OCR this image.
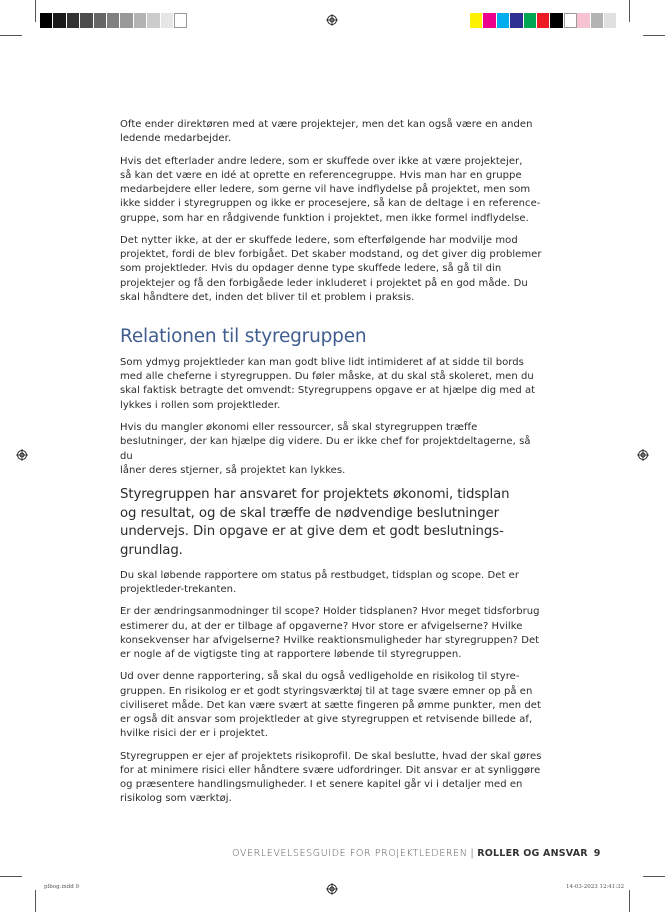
Ofte ender direktøren med at være projektejer, men det kan også være en anden
ledende medarbejder.

Hvis det efterlader andre ledere, som er skuffede over ikke at være projektejer,
så kan det være en idé at oprette en referencegruppe. Hvis man har en gruppe
medarbejdere eller ledere, som gerne vil have indflydelse på projektet, men som
ikke sidder i styregruppen og ikke er procesejere, så kan de deltage i en reference-
gruppe, som har en rådgivende funktion i projektet, men ikke formel indflydelse.

Det nytter ikke, at der er skuffede ledere, som efterfølgende har modvilje mod
projektet, fordi de blev forbigået. Det skaber modstand, og det giver dig problemer
som projektleder. Hvis du opdager denne type skuffede ledere, så gå til din
projektejer og få den forbigåede leder inkluderet i projektet på en god måde. Du
skal håndtere det, inden det bliver til et problem i praksis.

Relationen til styregruppen

Som ydmyg projektleder kan man godt blive lidt intimideret af at sidde til bords
med alle cheferne i styregruppen. Du føler måske, at du skal stå skoleret, men du
skal faktisk betragte det omvendt: Styregruppens opgave er at hjælpe dig med at
lykkes i rollen som projektleder.

Hvis du mangler økonomi eller ressourcer, så skal styregruppen træffe
beslutninger, der kan hjælpe dig videre. Du er ikke chef for projektdeltagerne, så du
låner deres stjerner, så projektet kan lykkes.

Styregruppen har ansvaret for projektets økonomi, tidsplan
og resultat, og de skal træffe de nødvendige beslutninger
undervejs. Din opgave er at give dem et godt beslutnings-
grundlag.

Du skal løbende rapportere om status på restbudget, tidsplan og scope. Det er
projektleder-trekanten.

Er der ændringsanmodninger til scope? Holder tidsplanen? Hvor meget tidsforbrug
estimerer du, at der er tilbage af opgaverne? Hvor store er afvigelserne? Hvilke
konsekvenser har afvigelserne? Hvilke reaktionsmuligheder har styregruppen? Det
er nogle af de vigtigste ting at rapportere løbende til styregruppen.

Ud over denne rapportering, så skal du også vedligeholde en risikolog til styre-
gruppen. En risikolog er et godt styringsværktøj til at tage svære emner op på en
civiliseret måde. Det kan være svært at sætte fingeren på ømme punkter, men det
er også dit ansvar som projektleder at give styregruppen et retvisende billede af,
hvilke risici der er i projektet.

Styregruppen er ejer af projektets risikoprofil. De skal beslutte, hvad der skal gøres
for at minimere risici eller håndtere svære udfordringer. Dit ansvar er at synliggøre
og præsentere handlingsmuligheder. I et senere kapitel går vi i detaljer med en
risikolog som værktøj.

OVERLEVELSESGUIDE FOR PROJEKTLEDEREN | ROLLER OG ANSVAR 9
pl​bog.indd 9	14-03-2023 12:41:32
